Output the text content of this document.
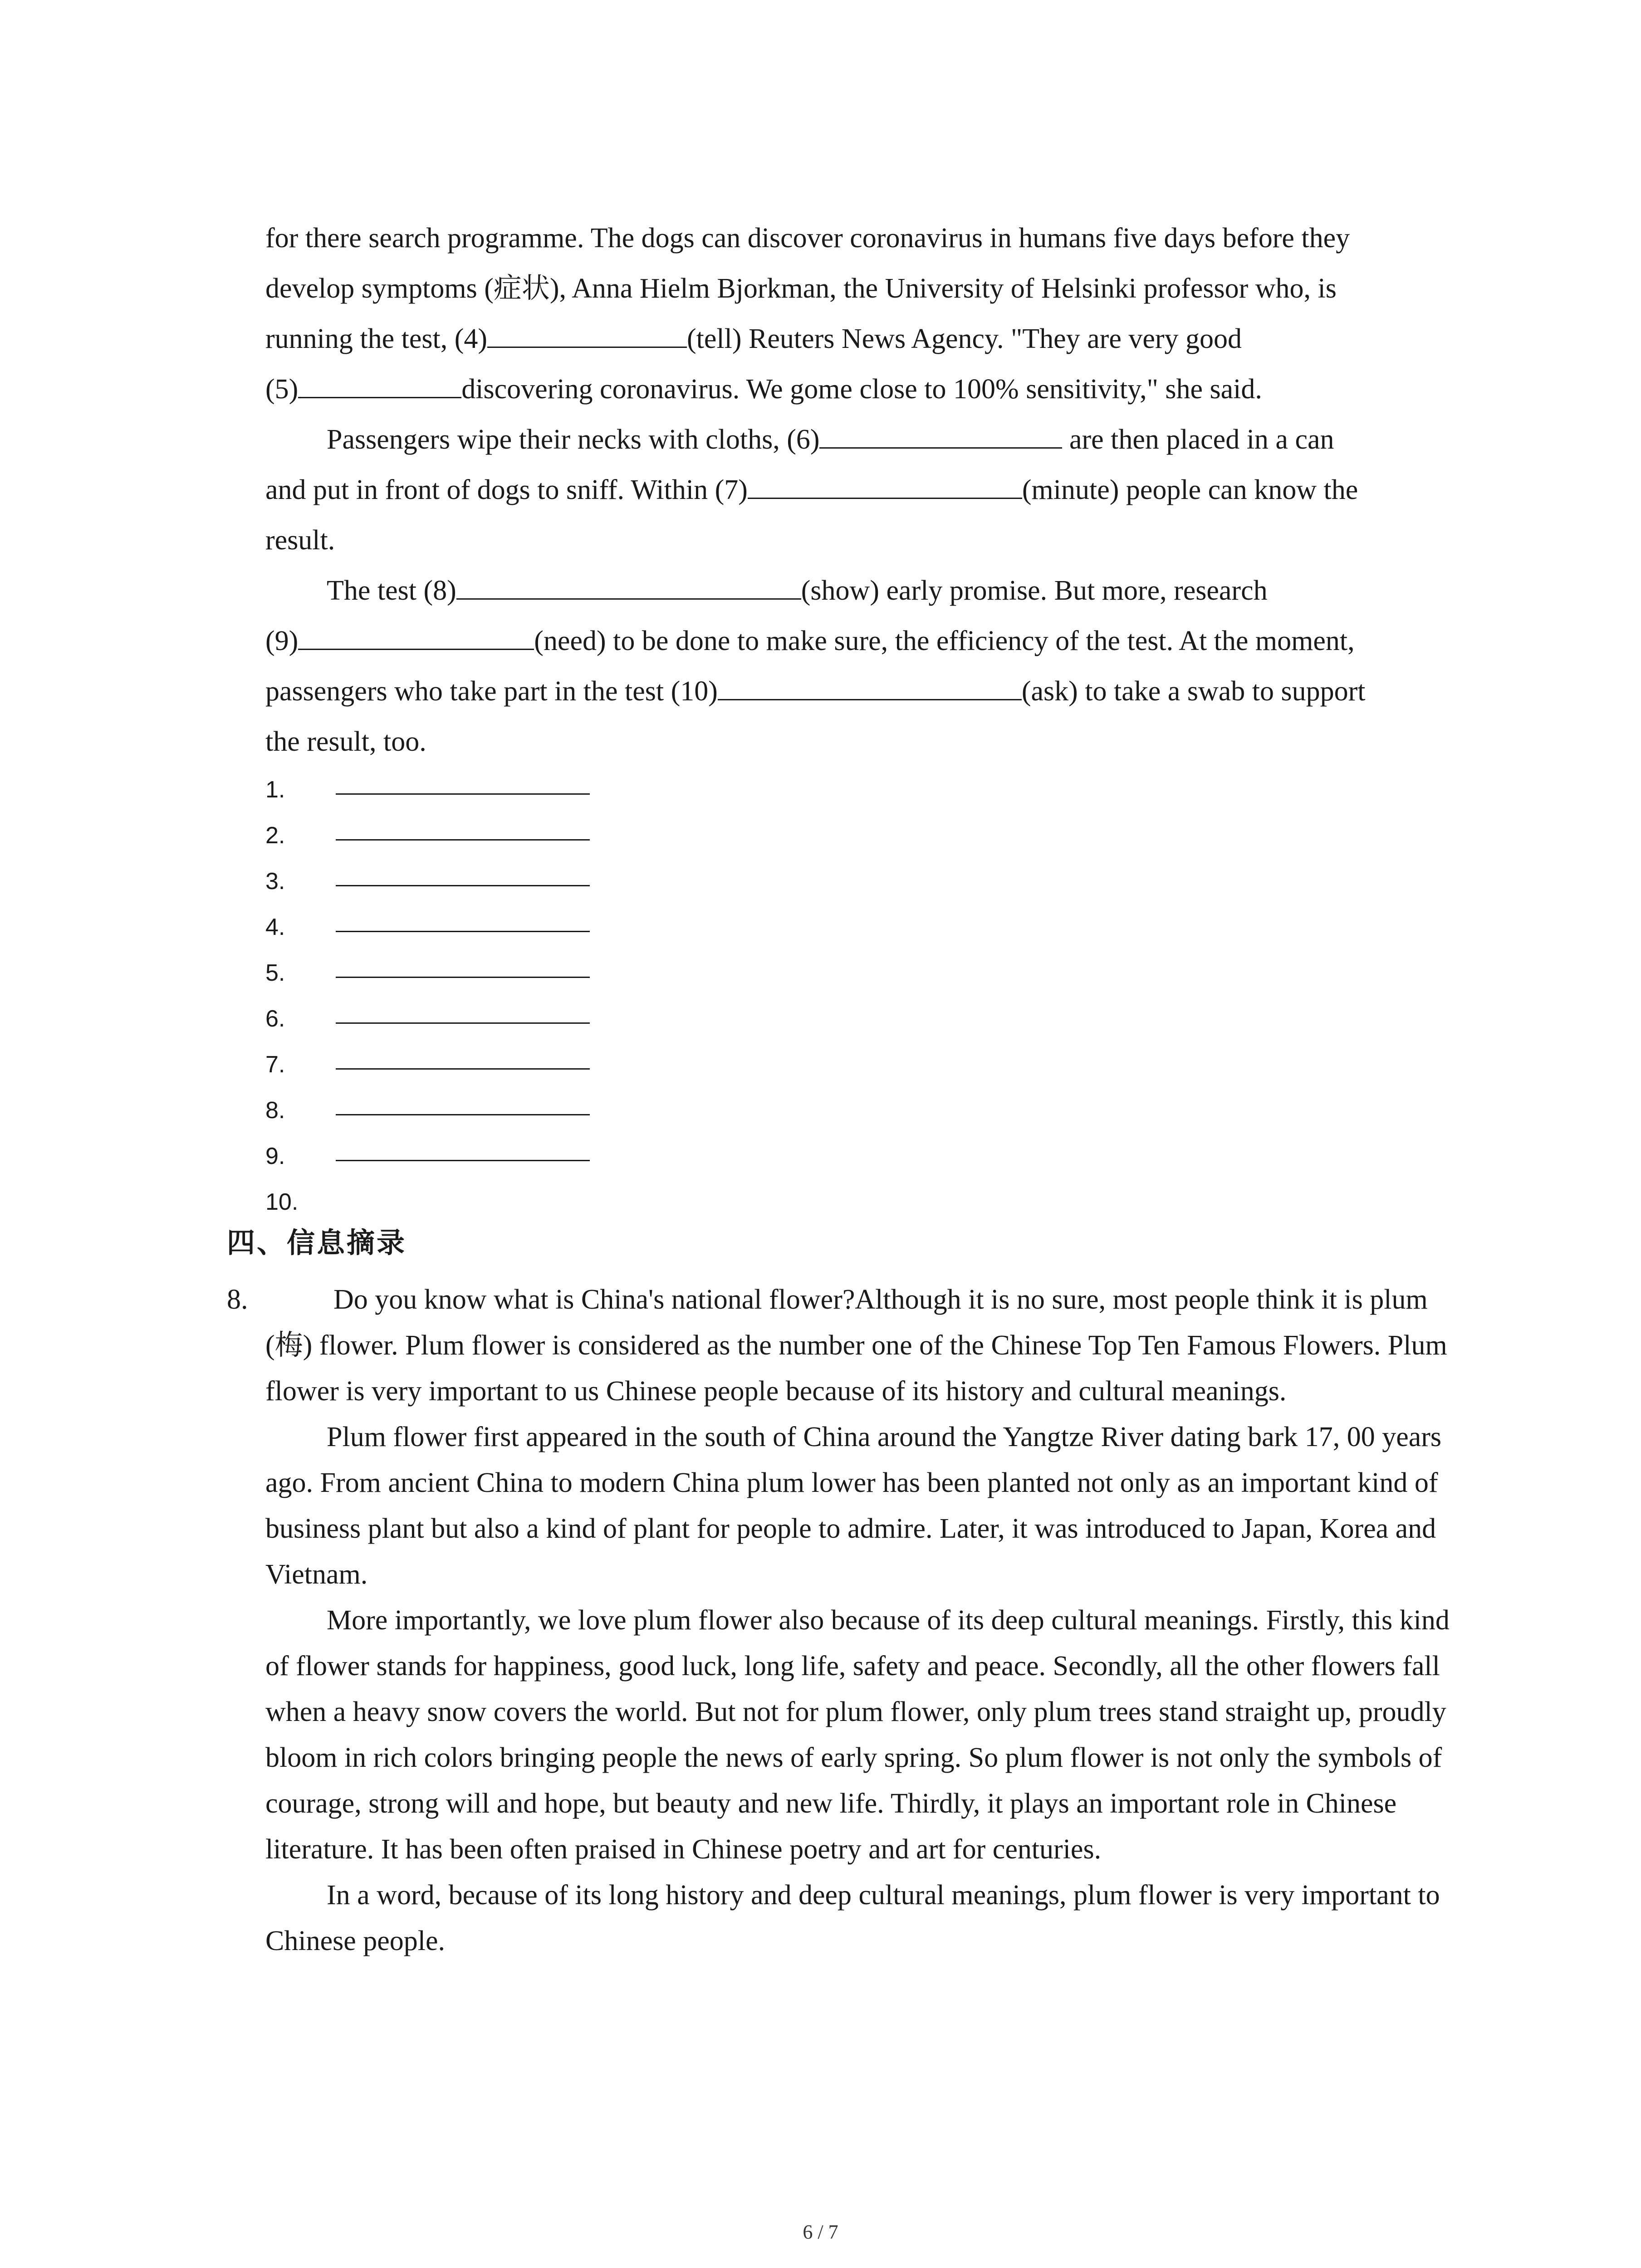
for there search programme. The dogs can discover coronavirus in humans five days before they
develop symptoms (症状), Anna Hielm Bjorkman, the University of Helsinki professor who, is
running the test, (4)	(tell) Reuters News Agency. "They are very good
(5)	discovering coronavirus. We gome close to 100% sensitivity," she said.
Passengers wipe their necks with cloths, (6)	are then placed in a can
and put in front of dogs to sniff. Within (7)	(minute) people can know the
result.
The test (8)	(show) early promise. But more, research
(9)	(need) to be done to make sure, the efficiency of the test. At the moment,
passengers who take part in the test (10)	(ask) to take a swab to support
the result, too.
1.
2.
3.
4.
5.
6.
7.
8.
9.
10.
四、信息摘录
8.	Do you know what is China's national flower?Although it is no sure, most people think it is plum (梅) flower. Plum flower is considered as the number one of the Chinese Top Ten Famous Flowers. Plum flower is very important to us Chinese people because of its history and cultural meanings.

Plum flower first appeared in the south of China around the Yangtze River dating bark 17, 00 years ago. From ancient China to modern China plum lower has been planted not only as an important kind of business plant but also a kind of plant for people to admire. Later, it was introduced to Japan, Korea and Vietnam.

More importantly, we love plum flower also because of its deep cultural meanings. Firstly, this kind of flower stands for happiness, good luck, long life, safety and peace. Secondly, all the other flowers fall when a heavy snow covers the world. But not for plum flower, only plum trees stand straight up, proudly bloom in rich colors bringing people the news of early spring. So plum flower is not only the symbols of courage, strong will and hope, but beauty and new life. Thirdly, it plays an important role in Chinese literature. It has been often praised in Chinese poetry and art for centuries.

In a word, because of its long history and deep cultural meanings, plum flower is very important to Chinese people.

6 / 7
